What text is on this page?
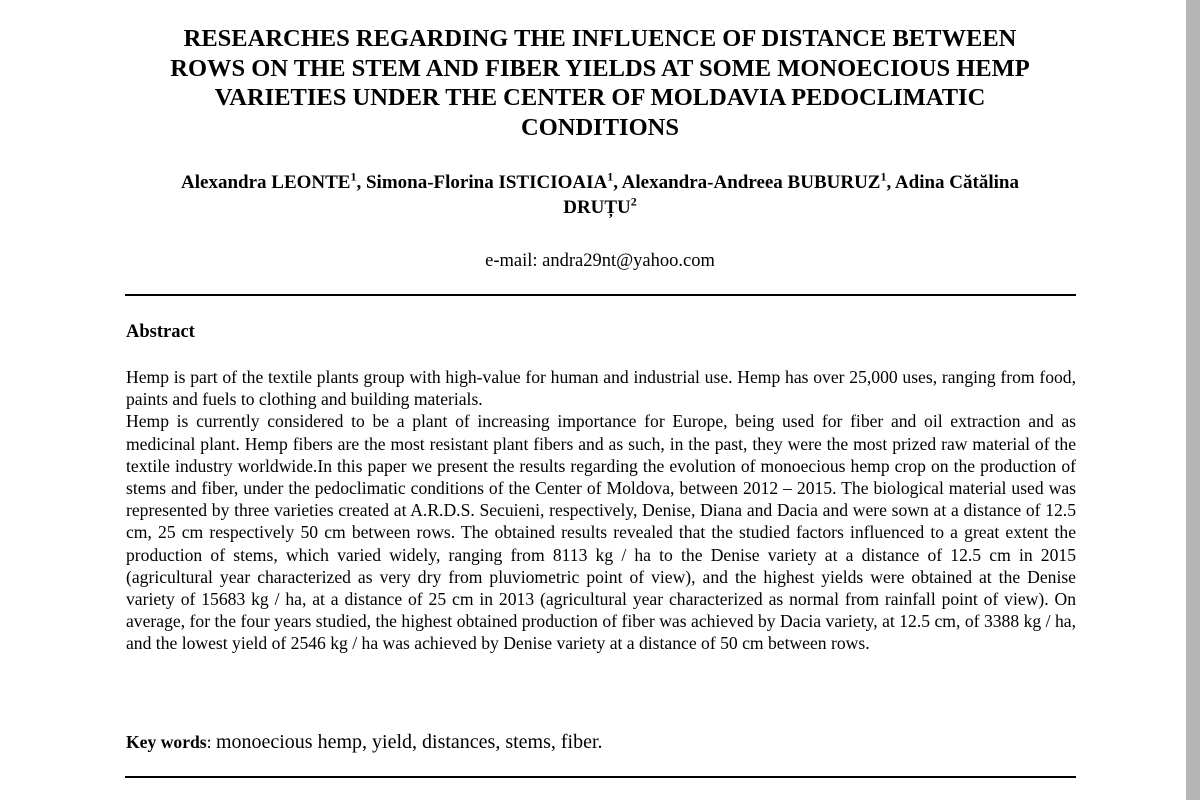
RESEARCHES REGARDING THE INFLUENCE OF DISTANCE BETWEEN ROWS ON THE STEM AND FIBER YIELDS AT SOME MONOECIOUS HEMP VARIETIES UNDER THE CENTER OF MOLDAVIA PEDOCLIMATIC CONDITIONS

Alexandra LEONTE$^1$, Simona-Florina ISTICIOAIA$^1$, Alexandra-Andreea BUBURUZ$^1$, Adina Cătălina DRUȚU$^2$

e-mail: andra29nt@yahoo.com

Abstract

Hemp is part of the textile plants group with high-value for human and industrial use. Hemp has over 25,000 uses, ranging from food, paints and fuels to clothing and building materials.

Hemp is currently considered to be a plant of increasing importance for Europe, being used for fiber and oil extraction and as medicinal plant. Hemp fibers are the most resistant plant fibers and as such, in the past, they were the most prized raw material of the textile industry worldwide.In this paper we present the results regarding the evolution of monoecious hemp crop on the production of stems and fiber, under the pedoclimatic conditions of the Center of Moldova, between 2012 – 2015. The biological material used was represented by three varieties created at A.R.D.S. Secuieni, respectively, Denise, Diana and Dacia and were sown at a distance of 12.5 cm, 25 cm respectively 50 cm between rows. The obtained results revealed that the studied factors influenced to a great extent the production of stems, which varied widely, ranging from 8113 kg / ha to the Denise variety at a distance of 12.5 cm in 2015 (agricultural year characterized as very dry from pluviometric point of view), and the highest yields were obtained at the Denise variety of 15683 kg / ha, at a distance of 25 cm in 2013 (agricultural year characterized as normal from rainfall point of view). On average, for the four years studied, the highest obtained production of fiber was achieved by Dacia variety, at 12.5 cm, of 3388 kg / ha, and the lowest yield of 2546 kg / ha was achieved by Denise variety at a distance of 50 cm between rows.

Key words: monoecious hemp, yield, distances, stems, fiber.
